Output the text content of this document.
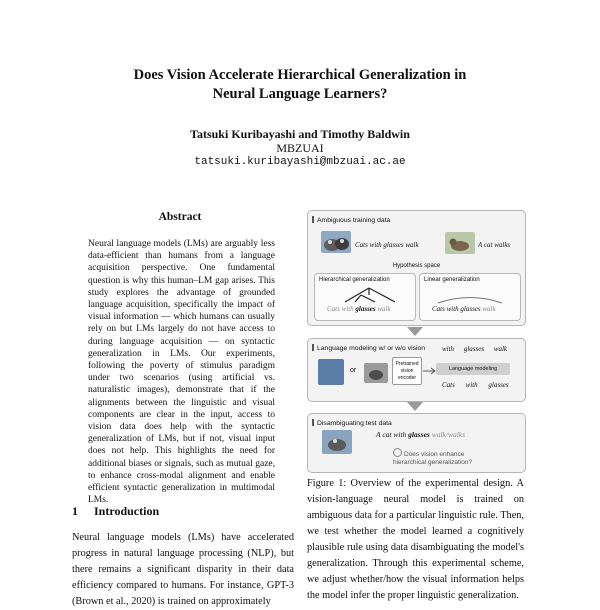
Does Vision Accelerate Hierarchical Generalization in
Neural Language Learners?
Tatsuki Kuribayashi and Timothy Baldwin
MBZUAI
tatsuki.kuribayashi@mbzuai.ac.ae
Abstract
Neural language models (LMs) are arguably less data-efficient than humans from a language acquisition perspective. One fundamental question is why this human–LM gap arises. This study explores the advantage of grounded language acquisition, specifically the impact of visual information — which humans can usually rely on but LMs largely do not have access to during language acquisition — on syntactic generalization in LMs. Our experiments, following the poverty of stimulus paradigm under two scenarios (using artificial vs. naturalistic images), demonstrate that if the alignments between the linguistic and visual components are clear in the input, access to vision data does help with the syntactic generalization of LMs, but if not, visual input does not help. This highlights the need for additional biases or signals, such as mutual gaze, to enhance cross-modal alignment and enable efficient syntactic generalization in multimodal LMs.
1 Introduction
Neural language models (LMs) have accelerated progress in natural language processing (NLP), but there remains a significant disparity in their data efficiency compared to humans. For instance, GPT-3 (Brown et al., 2020) is trained on approximately
Ambiguous training data
Cats with glasses walk	A cat walks
Hypothesis space
Hierarchical generalization
Cats with glasses walk
Linear generalization
Cats with glasses walk
Language modeling w/ or w/o vision with glasses walk
or
Pretrained vision encoder
Language modeling
Cats with glasses
Disambiguating test data
A cat with glasses walk/walks
Does vision enhance hierarchical generalization?
Figure 1: Overview of the experimental design. A vision-language neural model is trained on ambiguous data for a particular linguistic rule. Then, we test whether the model learned a cognitively plausible rule using data disambiguating the model's generalization. Through this experimental scheme, we adjust whether/how the visual information helps the model infer the proper linguistic generalization.
